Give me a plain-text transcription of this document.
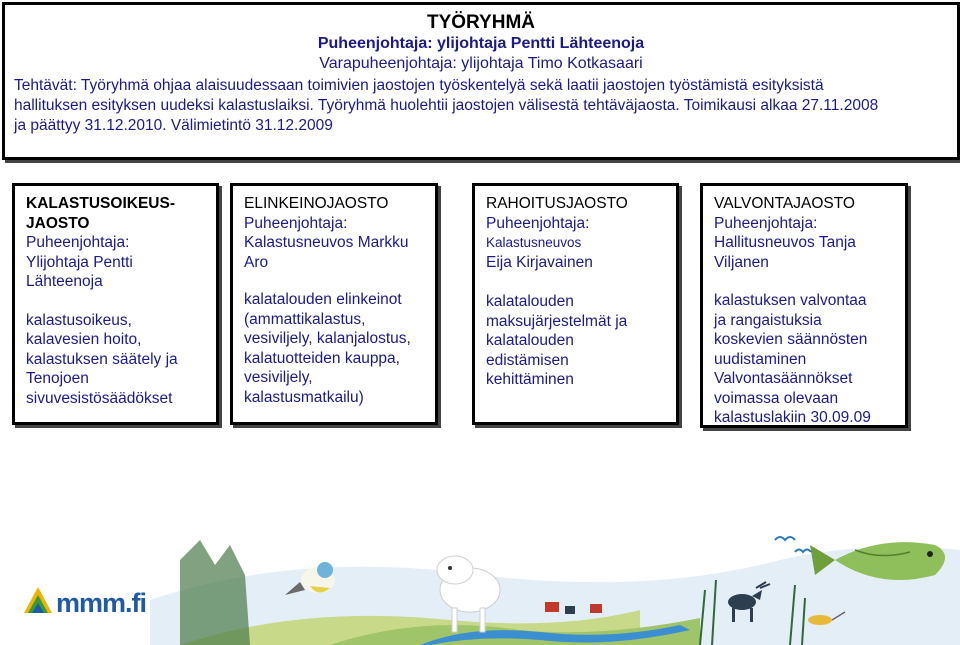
TYÖRYHMÄ
Puheenjohtaja: ylijohtaja Pentti Lähteenoja
Varapuheenjohtaja: ylijohtaja Timo Kotkasaari
Tehtävät: Työryhmä ohjaa alaisuudessaan toimivien jaostojen työskentelyä sekä laatii jaostojen työstämistä esityksistä
hallituksen esityksen uudeksi kalastuslaiksi. Työryhmä huolehtii jaostojen välisestä tehtäväjaosta. Toimikausi alkaa 27.11.2008
ja päättyy 31.12.2010. Välimietintö 31.12.2009
KALASTUSOIKEUS-
JAOSTO
Puheenjohtaja:
Ylijohtaja Pentti
Lähteenoja
kalastusoikeus,
kalavesien hoito,
kalastuksen säätely ja
Tenojoen
sivuvesistösäädökset
ELINKEINOJAOSTO
Puheenjohtaja:
Kalastusneuvos Markku
Aro
kalatalouden elinkeinot
(ammattikalastus,
vesiviljely, kalanjalostus,
kalatuotteiden kauppa,
vesiviljely,
kalastusmatkailu)
RAHOITUSJAOSTO
Puheenjohtaja:
Kalastusneuvos
Eija Kirjavainen
kalatalouden
maksujärjestelmät ja
kalatalouden
edistämisen
kehittäminen
VALVONTAJAOSTO
Puheenjohtaja:
Hallitusneuvos Tanja
Viljanen
kalastuksen valvontaa
ja rangaistuksia
koskevien säännösten
uudistaminen
Valvontasäännökset
voimassa olevaan
kalastuslakiin 30.09.09
mmm.fi
